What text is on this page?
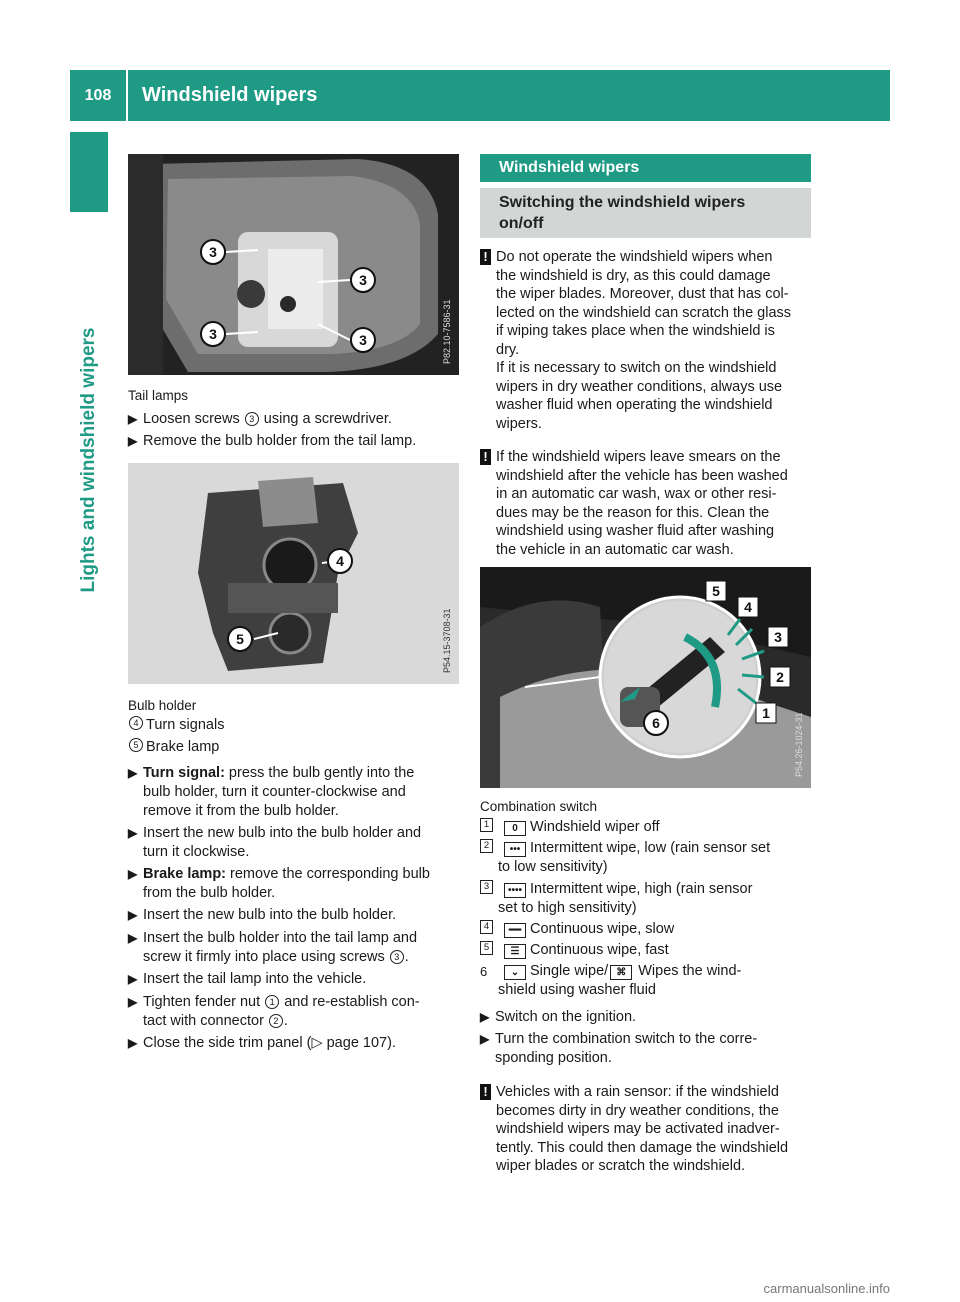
108	Windshield wipers
Lights and windshield wipers
3
3
3	3	P82.10-7586-31
Tail lamps
▶ Loosen screws 3 using a screwdriver.
▶ Remove the bulb holder from the tail lamp.
4
5	P54.15-3708-31
Bulb holder
4 Turn signals
5 Brake lamp
▶ Turn signal: press the bulb gently into the
bulb holder, turn it counter-clockwise and
remove it from the bulb holder.
▶ Insert the new bulb into the bulb holder and
turn it clockwise.
▶ Brake lamp: remove the corresponding bulb
from the bulb holder.
▶ Insert the new bulb into the bulb holder.
▶ Insert the bulb holder into the tail lamp and
screw it firmly into place using screws 3 .
▶ Insert the tail lamp into the vehicle.
▶ Tighten fender nut 1 and re-establish con-
tact with connector 2 .
▶ Close the side trim panel (▷ page 107).
Windshield wipers
Switching the windshield wipers
on/off
! Do not operate the windshield wipers when
the windshield is dry, as this could damage
the wiper blades. Moreover, dust that has col-
lected on the windshield can scratch the glass
if wiping takes place when the windshield is
dry.
If it is necessary to switch on the windshield
wipers in dry weather conditions, always use
washer fluid when operating the windshield
wipers.
! If the windshield wipers leave smears on the
windshield after the vehicle has been washed
in an automatic car wash, wax or other resi-
dues may be the reason for this. Clean the
windshield using washer fluid after washing
the vehicle in an automatic car wash.
5
4
3
2
1
6	P54.26-1024-31
Combination switch
1	0 Windshield wiper off
2	••• Intermittent wipe, low (rain sensor set
to low sensitivity)
3	•••• Intermittent wipe, high (rain sensor
set to high sensitivity)
4	━━ Continuous wipe, slow
5	☰ Continuous wipe, fast
6	⌄ Single wipe/ ⌘ Wipes the wind-
shield using washer fluid
▶ Switch on the ignition.
▶ Turn the combination switch to the corre-
sponding position.
! Vehicles with a rain sensor: if the windshield
becomes dirty in dry weather conditions, the
windshield wipers may be activated inadver-
tently. This could then damage the windshield
wiper blades or scratch the windshield.
carmanualsonline.info
